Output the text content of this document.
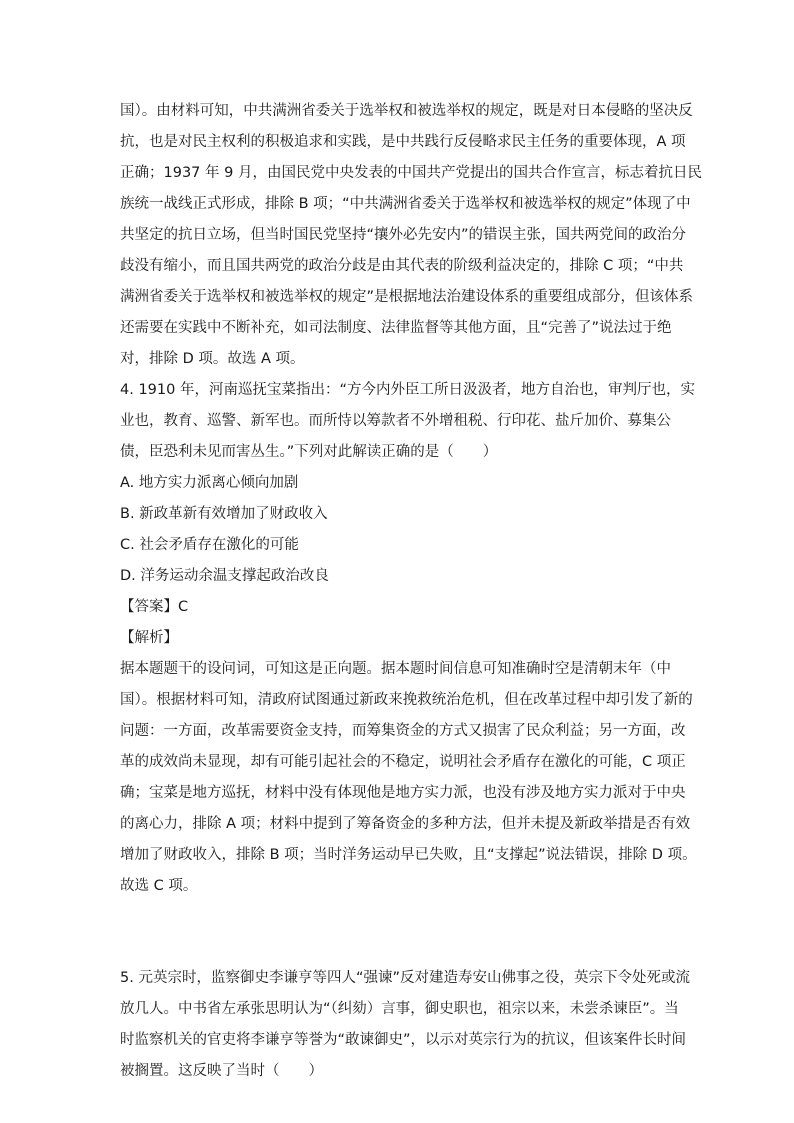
国）。由材料可知，中共满洲省委关于选举权和被选举权的规定，既是对日本侵略的坚决反
抗，也是对民主权利的积极追求和实践，是中共践行反侵略求民主任务的重要体现，A 项
正确；1937 年 9 月，由国民党中央发表的中国共产党提出的国共合作宣言，标志着抗日民
族统一战线正式形成，排除 B 项；“中共满洲省委关于选举权和被选举权的规定”体现了中
共坚定的抗日立场，但当时国民党坚持“攘外必先安内”的错误主张，国共两党间的政治分
歧没有缩小，而且国共两党的政治分歧是由其代表的阶级利益决定的，排除 C 项；“中共
满洲省委关于选举权和被选举权的规定”是根据地法治建设体系的重要组成部分，但该体系
还需要在实践中不断补充，如司法制度、法律监督等其他方面，且“完善了”说法过于绝
对，排除 D 项。故选 A 项。
4. 1910 年，河南巡抚宝菜指出：“方今内外臣工所日汲汲者，地方自治也，审判厅也，实
业也，教育、巡警、新军也。而所恃以筹款者不外增租税、行印花、盐斤加价、募集公
债，臣恐利未见而害丛生。”下列对此解读正确的是（　　）
A. 地方实力派离心倾向加剧
B. 新政革新有效增加了财政收入
C. 社会矛盾存在激化的可能
D. 洋务运动余温支撑起政治改良
【答案】C
【解析】
据本题题干的设问词，可知这是正向题。据本题时间信息可知准确时空是清朝末年（中
国）。根据材料可知，清政府试图通过新政来挽救统治危机，但在改革过程中却引发了新的
问题：一方面，改革需要资金支持，而筹集资金的方式又损害了民众利益；另一方面，改
革的成效尚未显现，却有可能引起社会的不稳定，说明社会矛盾存在激化的可能，C 项正
确；宝菜是地方巡抚，材料中没有体现他是地方实力派，也没有涉及地方实力派对于中央
的离心力，排除 A 项；材料中提到了筹备资金的多种方法，但并未提及新政举措是否有效
增加了财政收入，排除 B 项；当时洋务运动早已失败，且“支撑起”说法错误，排除 D 项。
故选 C 项。
5. 元英宗时，监察御史李谦亨等四人“强谏”反对建造寿安山佛事之役，英宗下令处死或流
放几人。中书省左承张思明认为“（纠劾）言事，御史职也，祖宗以来，未尝杀谏臣”。当
时监察机关的官吏将李谦亨等誉为“敢谏御史”，以示对英宗行为的抗议，但该案件长时间
被搁置。这反映了当时（　　）
